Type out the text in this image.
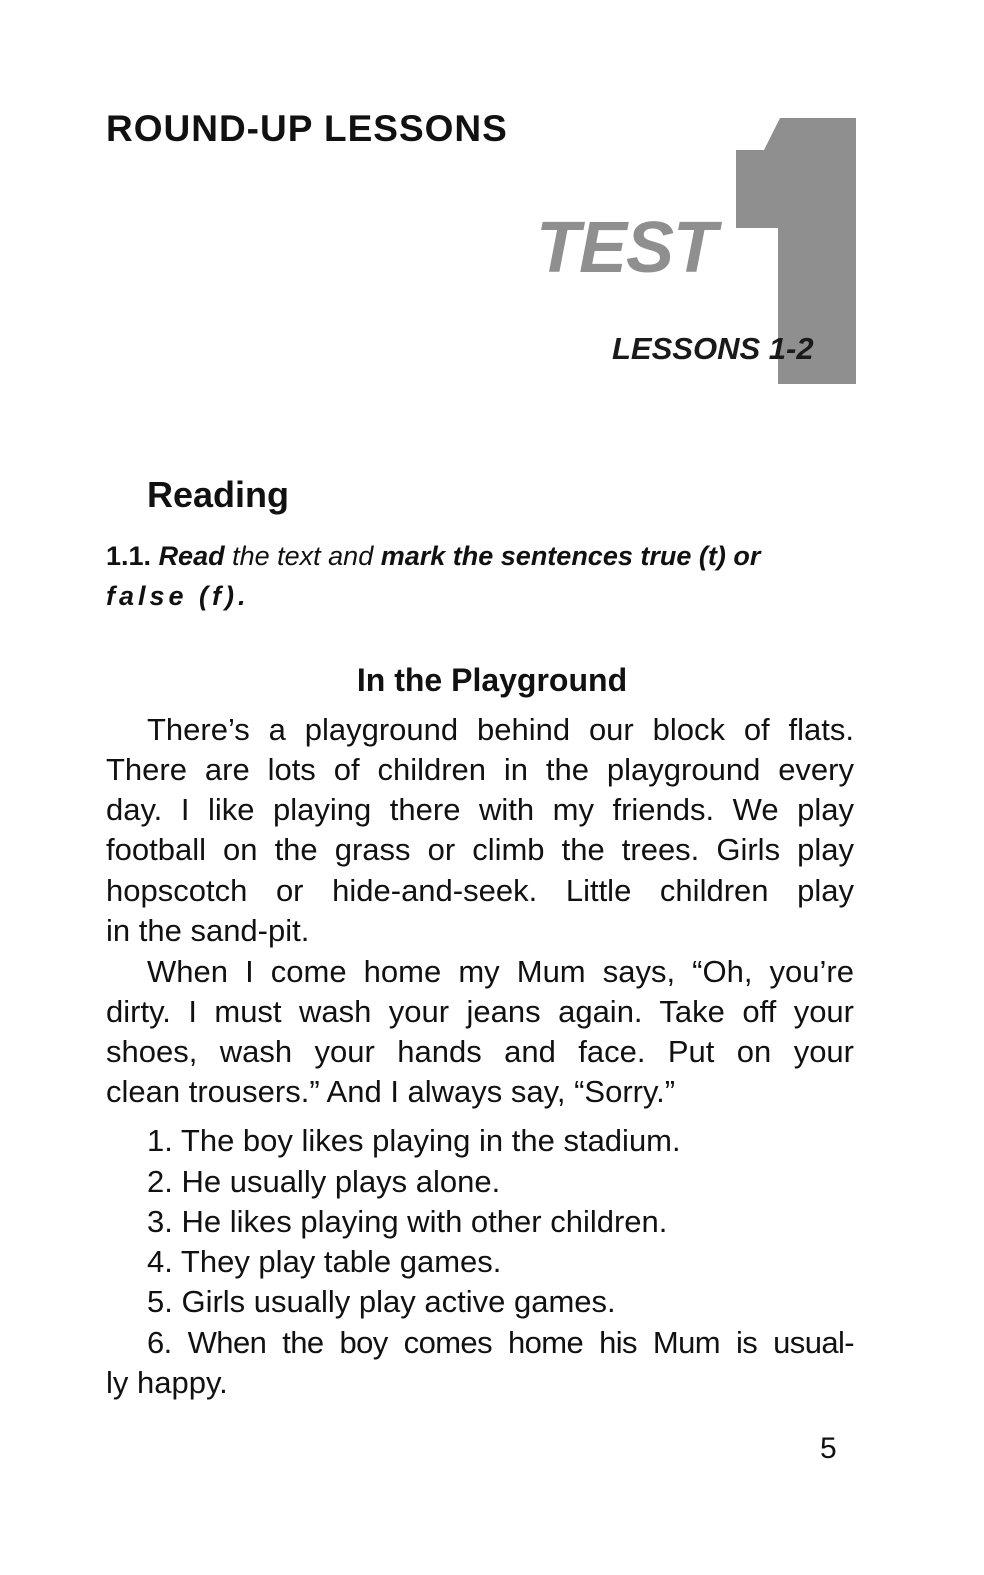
ROUND-UP LESSONS
TEST
LESSONS 1-2
Reading
1.1. Read the text and mark the sentences true (t) or
false (f).
In the Playground
There’s a playground behind our block of flats.
There are lots of children in the playground every
day. I like playing there with my friends. We play
football on the grass or climb the trees. Girls play
hopscotch or hide-and-seek. Little children play
in the sand-pit.
When I come home my Mum says, “Oh, you’re
dirty. I must wash your jeans again. Take off your
shoes, wash your hands and face. Put on your
clean trousers.” And I always say, “Sorry.”
1. The boy likes playing in the stadium.
2. He usually plays alone.
3. He likes playing with other children.
4. They play table games.
5. Girls usually play active games.
6. When the boy comes home his Mum is usual-
ly happy.
5
